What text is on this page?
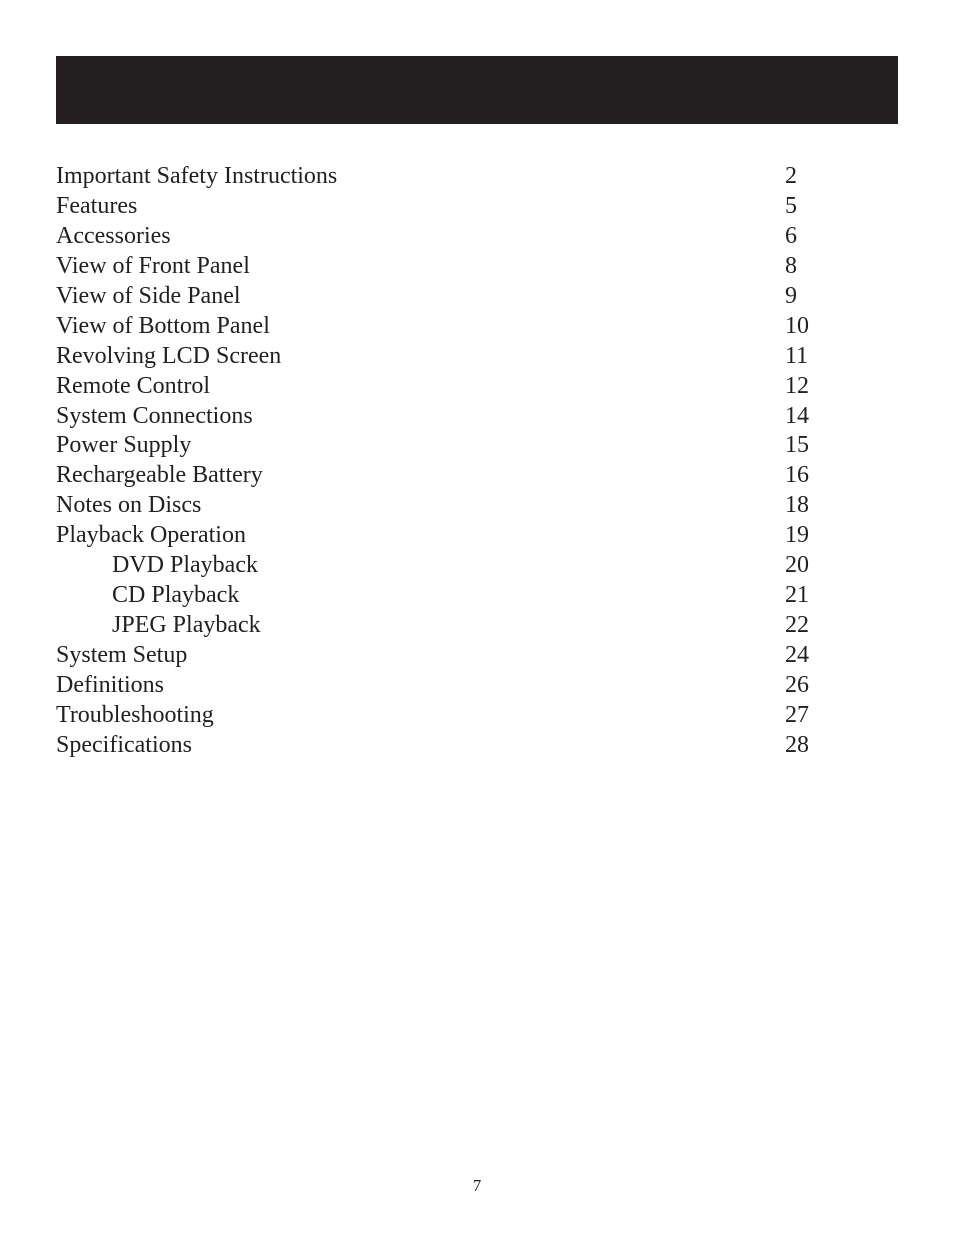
Important Safety Instructions	2
Features	5
Accessories	6
View of Front Panel	8
View of Side Panel	9
View of Bottom Panel	10
Revolving LCD Screen	11
Remote Control	12
System Connections	14
Power Supply	15
Rechargeable Battery	16
Notes on Discs	18
Playback Operation	19
DVD Playback	20
CD Playback	21
JPEG Playback	22
System Setup	24
Definitions	26
Troubleshooting	27
Specifications	28
7
